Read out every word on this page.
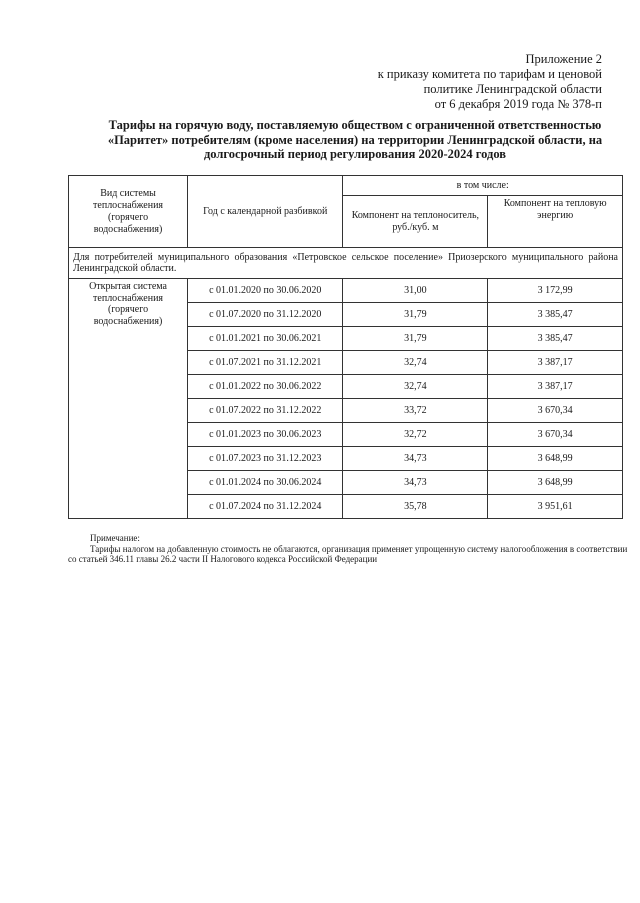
Приложение 2
к приказу комитета по тарифам и ценовой
политике Ленинградской области
от 6 декабря 2019 года № 378-п
Тарифы на горячую воду, поставляемую обществом с ограниченной ответственностью
«Паритет» потребителям (кроме населения) на территории Ленинградской области, на
долгосрочный период регулирования 2020-2024 годов
Вид системы теплоснабжения (горячего водоснабжения)	Год с календарной разбивкой	в том числе:	
		Компонент на теплоноситель, руб./куб. м	Компонент на тепловую энергию
Для потребителей муниципального образования «Петровское сельское поселение» Приозерского муниципального района Ленинградской области.			
Открытая система теплоснабжения (горячего водоснабжения)	с 01.01.2020 по 30.06.2020	31,00	3 172,99
	с 01.07.2020 по 31.12.2020	31,79	3 385,47
	с 01.01.2021 по 30.06.2021	31,79	3 385,47
	с 01.07.2021 по 31.12.2021	32,74	3 387,17
	с 01.01.2022 по 30.06.2022	32,74	3 387,17
	с 01.07.2022 по 31.12.2022	33,72	3 670,34
	с 01.01.2023 по 30.06.2023	32,72	3 670,34
	с 01.07.2023 по 31.12.2023	34,73	3 648,99
	с 01.01.2024 по 30.06.2024	34,73	3 648,99
	с 01.07.2024 по 31.12.2024	35,78	3 951,61
Примечание:

Тарифы налогом на добавленную стоимость не облагаются, организация применяет упрощенную систему налогообложения в соответствии со статьей 346.11 главы 26.2 части II Налогового кодекса Российской Федерации
